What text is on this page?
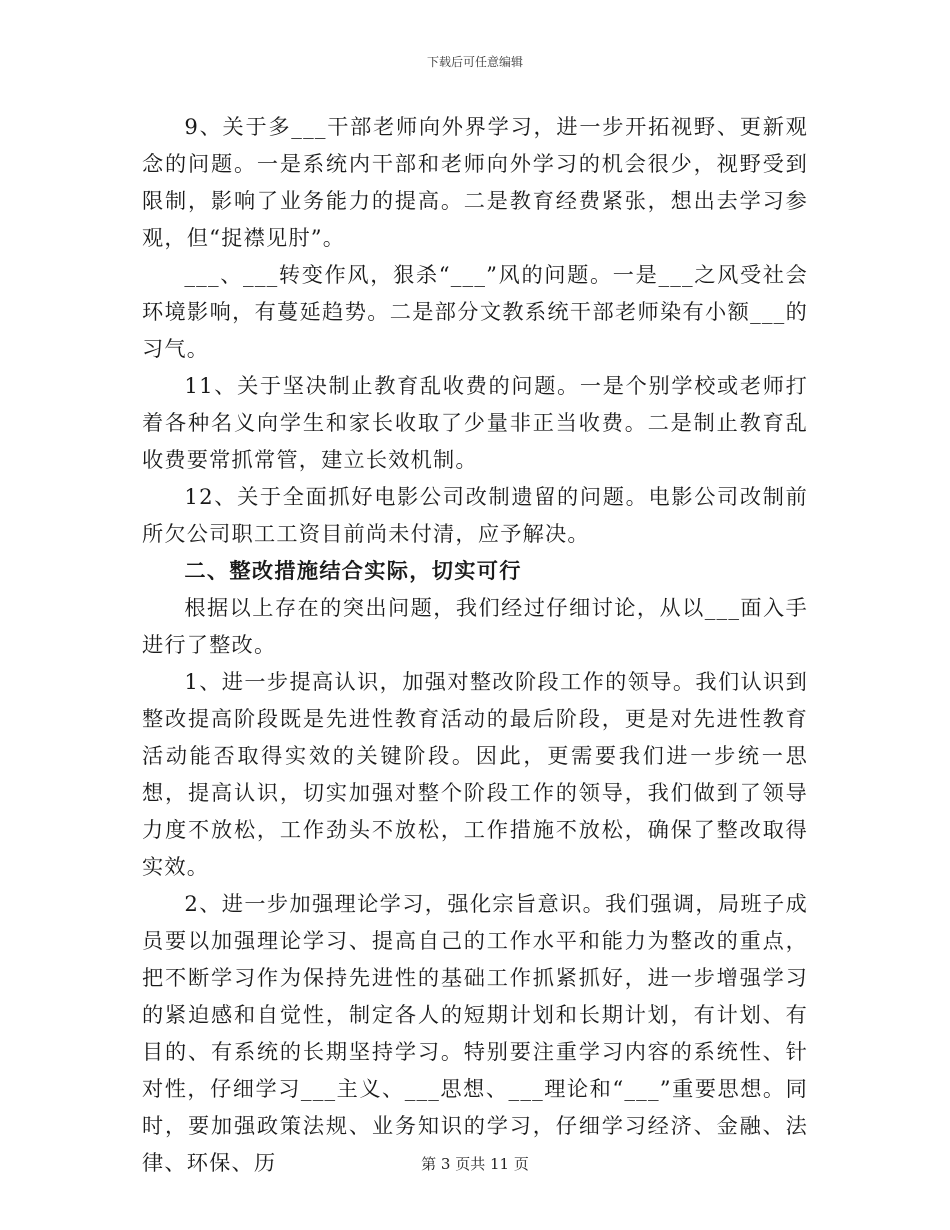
下载后可任意编辑

9、关于多___干部老师向外界学习，进一步开拓视野、更新观念的问题。一是系统内干部和老师向外学习的机会很少，视野受到限制，影响了业务能力的提高。二是教育经费紧张，想出去学习参观，但“捉襟见肘”。

___、___转变作风，狠杀“___”风的问题。一是___之风受社会环境影响，有蔓延趋势。二是部分文教系统干部老师染有小额___的习气。

11、关于坚决制止教育乱收费的问题。一是个别学校或老师打着各种名义向学生和家长收取了少量非正当收费。二是制止教育乱收费要常抓常管，建立长效机制。

12、关于全面抓好电影公司改制遗留的问题。电影公司改制前所欠公司职工工资目前尚未付清，应予解决。

二、整改措施结合实际，切实可行

根据以上存在的突出问题，我们经过仔细讨论，从以___面入手进行了整改。

1、进一步提高认识，加强对整改阶段工作的领导。我们认识到整改提高阶段既是先进性教育活动的最后阶段，更是对先进性教育活动能否取得实效的关键阶段。因此，更需要我们进一步统一思想，提高认识，切实加强对整个阶段工作的领导，我们做到了领导力度不放松，工作劲头不放松，工作措施不放松，确保了整改取得实效。

2、进一步加强理论学习，强化宗旨意识。我们强调，局班子成员要以加强理论学习、提高自己的工作水平和能力为整改的重点，把不断学习作为保持先进性的基础工作抓紧抓好，进一步增强学习的紧迫感和自觉性，制定各人的短期计划和长期计划，有计划、有目的、有系统的长期坚持学习。特别要注重学习内容的系统性、针对性，仔细学习___主义、___思想、___理论和“___”重要思想。同时，要加强政策法规、业务知识的学习，仔细学习经济、金融、法律、环保、历	第 3 页共 11 页
